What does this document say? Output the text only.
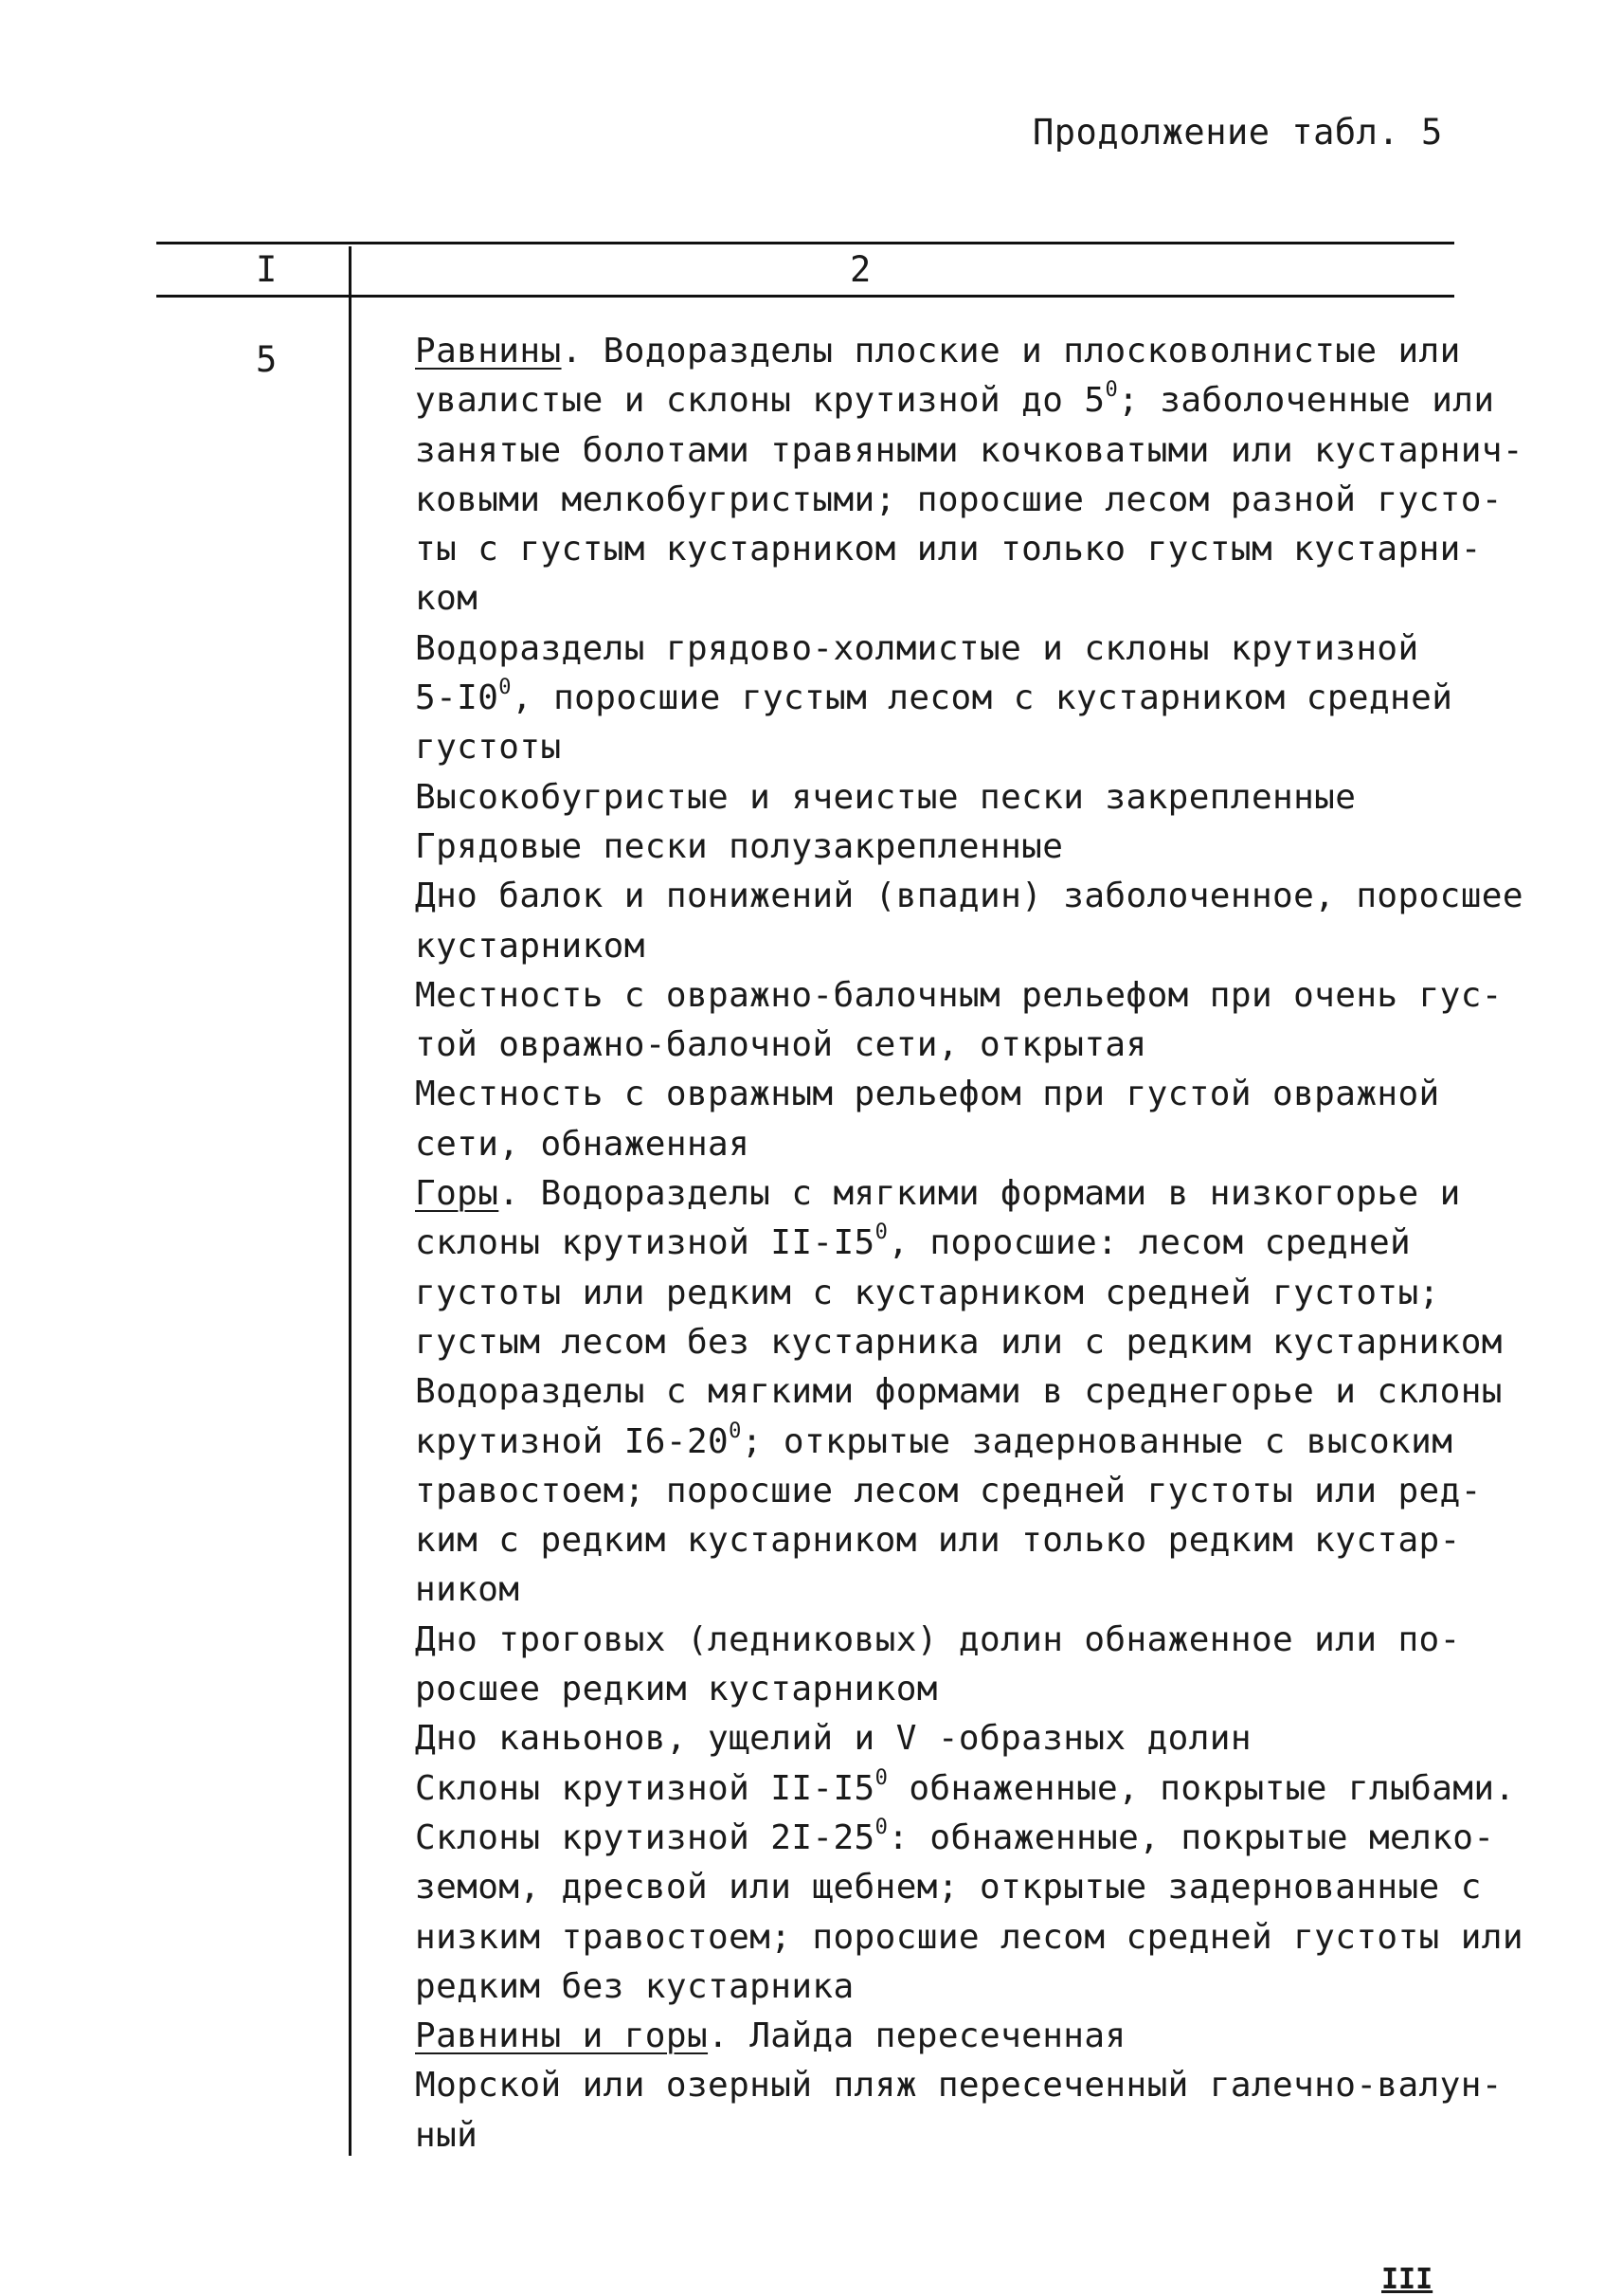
Продолжение табл. 5
I	2
5	Равнины. Водоразделы плоские и плосковолнистые или
увалистые и склоны крутизной до $5^0$; заболоченные или
занятые болотами травяными кочковатыми или кустарнич-
ковыми мелкобугристыми; поросшие лесом разной густо-
ты с густым кустарником или только густым кустарни-
ком
Водоразделы грядово-холмистые и склоны крутизной
$5-I0^0$, поросшие густым лесом с кустарником средней
густоты
Высокобугристые и ячеистые пески закрепленные
Грядовые пески полузакрепленные
Дно балок и понижений (впадин) заболоченное, поросшее
кустарником
Местность с овражно-балочным рельефом при очень гус-
той овражно-балочной сети, открытая
Местность с овражным рельефом при густой овражной
сети, обнаженная
Горы. Водоразделы с мягкими формами в низкогорье и
склоны крутизной $II-I5^0$, поросшие: лесом средней
густоты или редким с кустарником средней густоты;
густым лесом без кустарника или с редким кустарником
Водоразделы с мягкими формами в среднегорье и склоны
крутизной $I6-20^0$; открытые задернованные с высоким
травостоем; поросшие лесом средней густоты или ред-
ким с редким кустарником или только редким кустар-
ником
Дно троговых (ледниковых) долин обнаженное или по-
росшее редким кустарником
Дно каньонов, ущелий и V -образных долин
Склоны крутизной $II-I5^0$ обнаженные, покрытые глыбами.
Склоны крутизной $2I-25^0$: обнаженные, покрытые мелко-
земом, дресвой или щебнем; открытые задернованные с
низким травостоем; поросшие лесом средней густоты или
редким без кустарника
Равнины и горы. Лайда пересеченная
Морской или озерный пляж пересеченный галечно-валун-
ный
III
